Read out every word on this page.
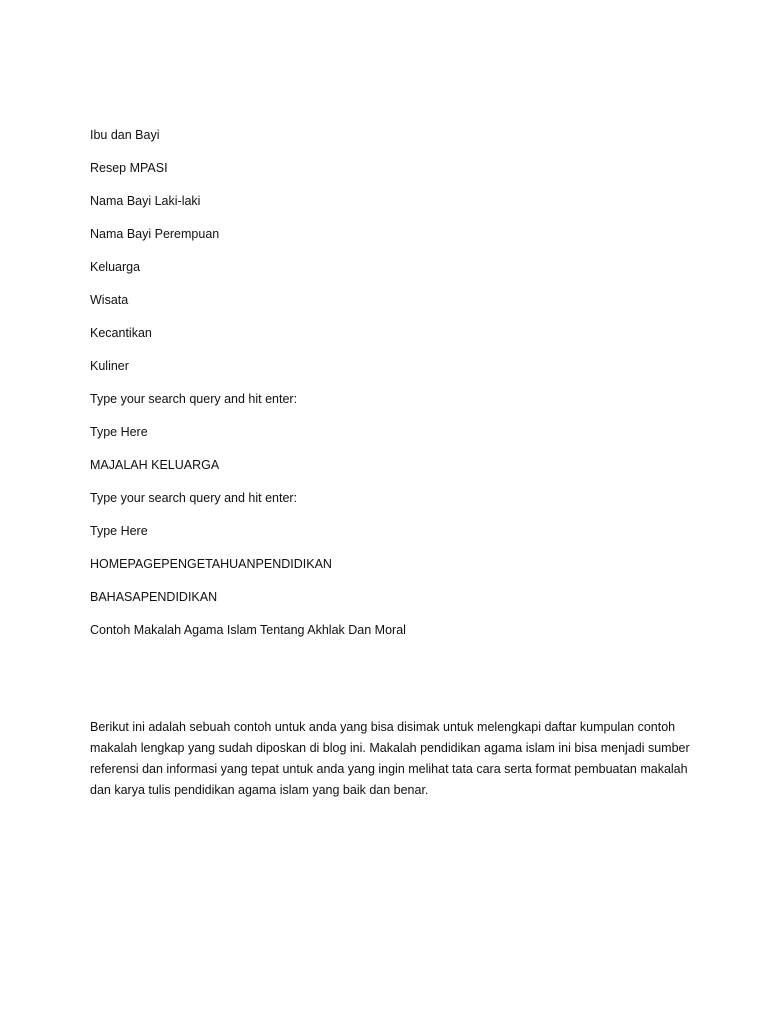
Ibu dan Bayi
Resep MPASI
Nama Bayi Laki-laki
Nama Bayi Perempuan
Keluarga
Wisata
Kecantikan
Kuliner
Type your search query and hit enter:
Type Here
MAJALAH KELUARGA
Type your search query and hit enter:
Type Here
HOMEPAGEPENGETAHUANPENDIDIKAN
BAHASAPENDIDIKAN
Contoh Makalah Agama Islam Tentang Akhlak Dan Moral

Berikut ini adalah sebuah contoh untuk anda yang bisa disimak untuk melengkapi daftar kumpulan contoh makalah lengkap yang sudah diposkan di blog ini. Makalah pendidikan agama islam ini bisa menjadi sumber referensi dan informasi yang tepat untuk anda yang ingin melihat tata cara serta format pembuatan makalah dan karya tulis pendidikan agama islam yang baik dan benar.
